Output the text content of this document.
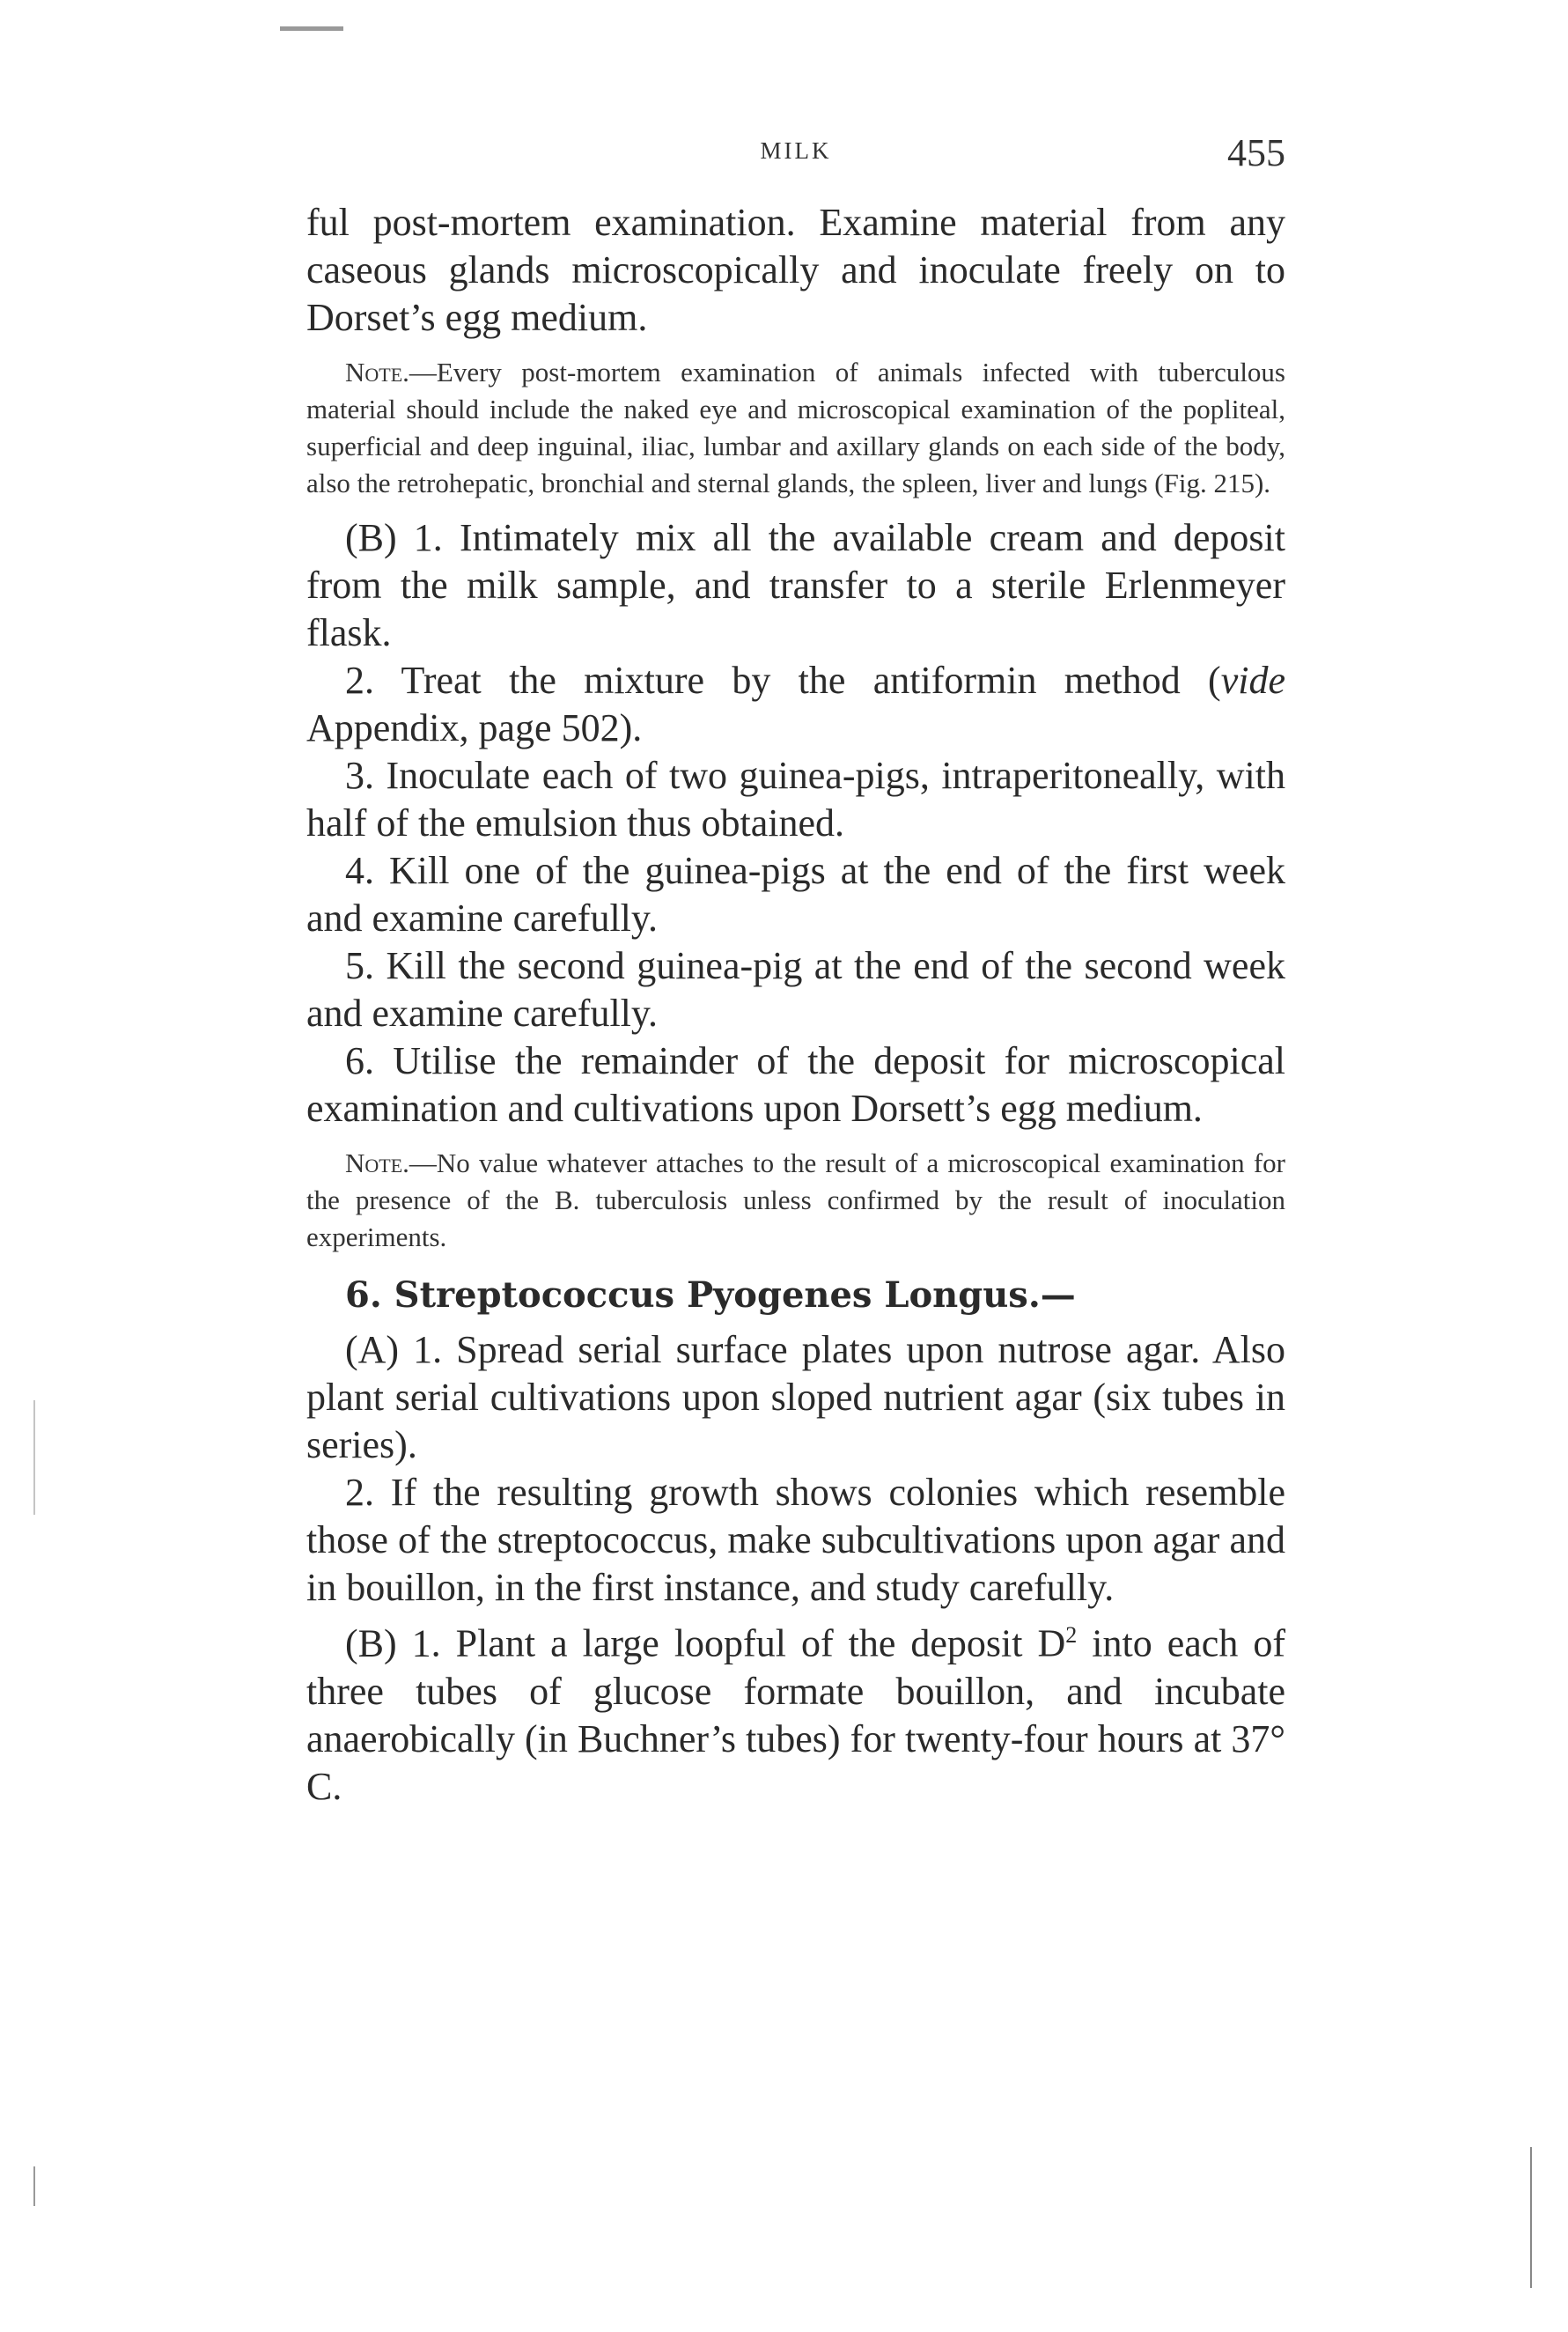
MILK	455

ful post-mortem examination. Examine material from any caseous glands microscopically and inoculate freely on to Dorset’s egg medium.

Note.—Every post-mortem examination of animals infected with tuberculous material should include the naked eye and microscopical examination of the popliteal, superficial and deep inguinal, iliac, lumbar and axillary glands on each side of the body, also the retrohepatic, bronchial and sternal glands, the spleen, liver and lungs (Fig. 215).

(B) 1. Intimately mix all the available cream and deposit from the milk sample, and transfer to a sterile Erlenmeyer flask.

2. Treat the mixture by the antiformin method (vide Appendix, page 502).

3. Inoculate each of two guinea-pigs, intraperitoneally, with half of the emulsion thus obtained.

4. Kill one of the guinea-pigs at the end of the first week and examine carefully.

5. Kill the second guinea-pig at the end of the second week and examine carefully.

6. Utilise the remainder of the deposit for microscopical examination and cultivations upon Dorsett’s egg medium.

Note.—No value whatever attaches to the result of a microscopical examination for the presence of the B. tuberculosis unless confirmed by the result of inoculation experiments.

6. Streptococcus Pyogenes Longus.—

(A) 1. Spread serial surface plates upon nutrose agar. Also plant serial cultivations upon sloped nutrient agar (six tubes in series).

2. If the resulting growth shows colonies which resemble those of the streptococcus, make subcultivations upon agar and in bouillon, in the first instance, and study carefully.

(B) 1. Plant a large loopful of the deposit $D^2$ into each of three tubes of glucose formate bouillon, and incubate anaerobically (in Buchner’s tubes) for twenty-four hours at 37° C.
